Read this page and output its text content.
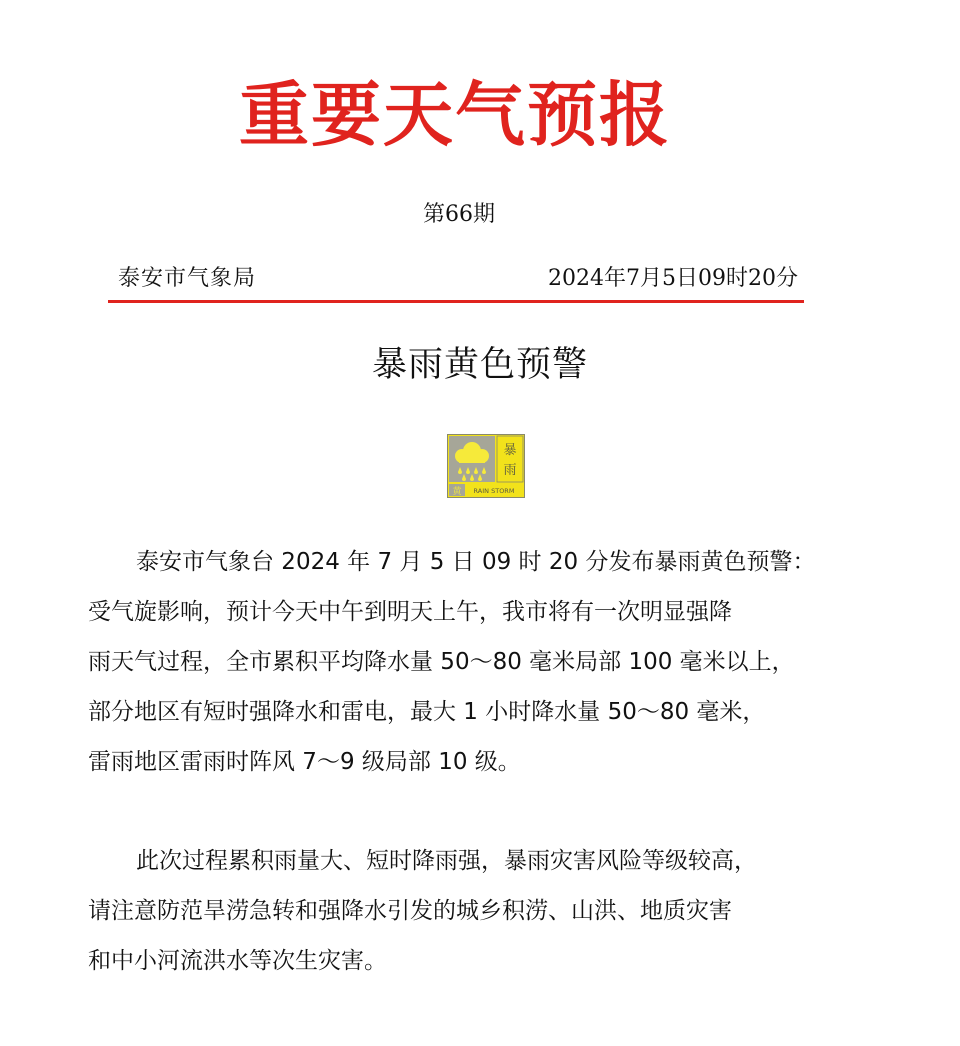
重要天气预报
第66期
泰安市气象局	2024年7月5日09时20分
暴雨黄色预警
暴
雨
黄 RAIN STORM
泰安市气象台 2024 年 7 月 5 日 09 时 20 分发布暴雨黄色预警：
受气旋影响，预计今天中午到明天上午，我市将有一次明显强降
雨天气过程，全市累积平均降水量 50～80 毫米局部 100 毫米以上，
部分地区有短时强降水和雷电，最大 1 小时降水量 50～80 毫米，
雷雨地区雷雨时阵风 7～9 级局部 10 级。
此次过程累积雨量大、短时降雨强，暴雨灾害风险等级较高，
请注意防范旱涝急转和强降水引发的城乡积涝、山洪、地质灾害
和中小河流洪水等次生灾害。
